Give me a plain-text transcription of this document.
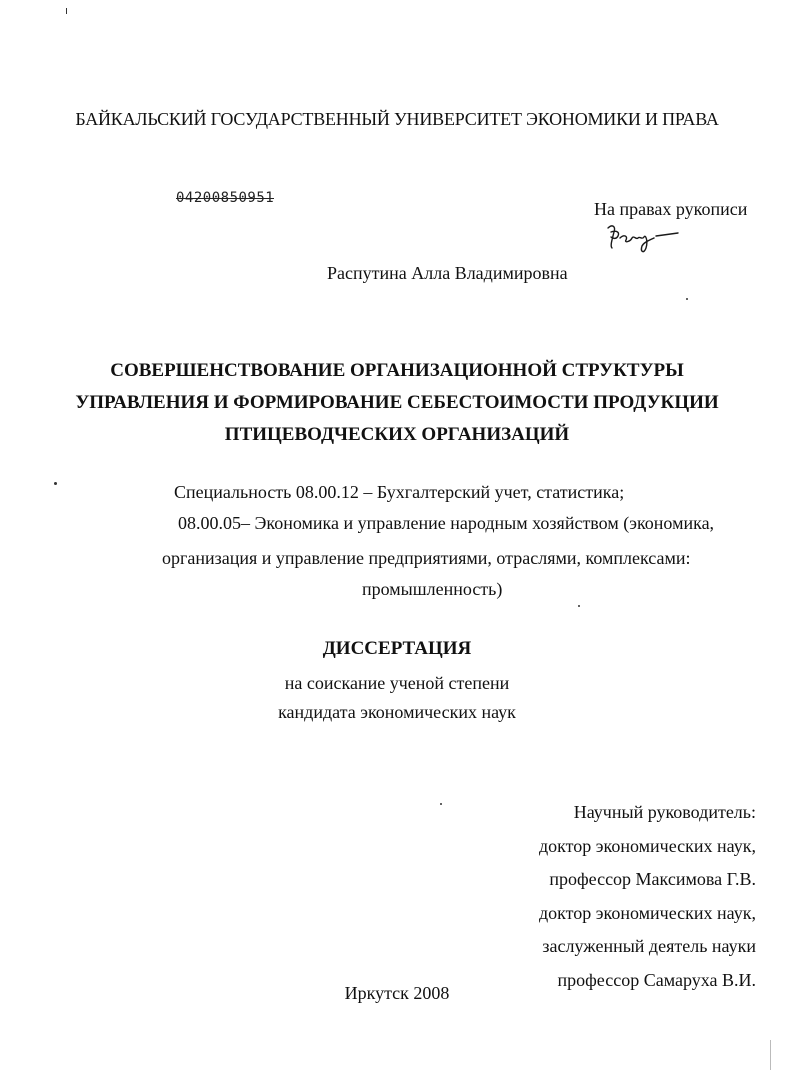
БАЙКАЛЬСКИЙ ГОСУДАРСТВЕННЫЙ УНИВЕРСИТЕТ ЭКОНОМИКИ И ПРАВА
04200850951
На правах рукописи
Распутина Алла Владимировна
СОВЕРШЕНСТВОВАНИЕ ОРГАНИЗАЦИОННОЙ СТРУКТУРЫ
УПРАВЛЕНИЯ И ФОРМИРОВАНИЕ СЕБЕСТОИМОСТИ ПРОДУКЦИИ
ПТИЦЕВОДЧЕСКИХ ОРГАНИЗАЦИЙ
Специальность 08.00.12 – Бухгалтерский учет, статистика;
08.00.05– Экономика и управление народным хозяйством (экономика,
организация и управление предприятиями, отраслями, комплексами:
промышленность)
ДИССЕРТАЦИЯ
на соискание ученой степени
кандидата экономических наук
Научный руководитель:
доктор экономических наук,
профессор Максимова Г.В.
доктор экономических наук,
заслуженный деятель науки
профессор Самаруха В.И.
Иркутск 2008
